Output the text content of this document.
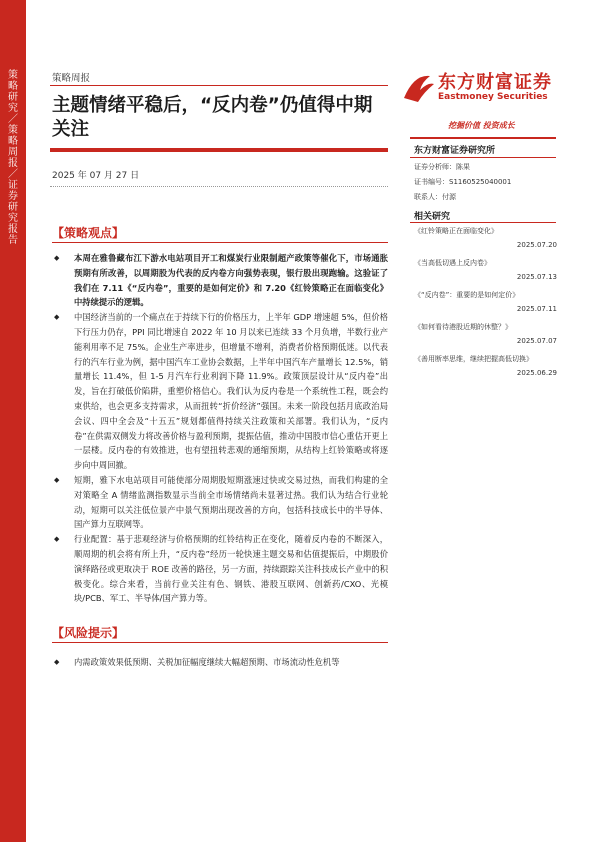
策略研究／策略周报／证券研究报告
策略周报
主题情绪平稳后，“反内卷”仍值得中期关注
2025 年 07 月 27 日
【策略观点】
◆ 本周在雅鲁藏布江下游水电站项目开工和煤炭行业限制超产政策等催化下，市场通胀预期有所改善，以周期股为代表的反内卷方向强势表现，银行股出现跑输。这验证了我们在 7.11《“反内卷”，重要的是如何定价》和 7.20《红铃策略正在面临变化》中持续提示的逻辑。
◆ 中国经济当前的一个痛点在于持续下行的价格压力，上半年 GDP 增速超 5%，但价格下行压力仍存，PPI 同比增速自 2022 年 10 月以来已连续 33 个月负增，半数行业产能利用率不足 75%。企业生产率进步，但增量不增利，消费者价格预期低迷。以代表行的汽车行业为例，据中国汽车工业协会数据，上半年中国汽车产量增长 12.5%，销量增长 11.4%，但 1-5 月汽车行业利润下降 11.9%。政策顶层设计从“反内卷”出发，旨在打破低价陷阱，重塑价格信心。我们认为反内卷是一个系统性工程，既会约束供给，也会更多支持需求，从而扭转“折价经济”强国。未来一阶段包括月底政治局会议、四中全会及“十五五”规划都值得持续关注政策和关部署。我们认为，“反内卷”在供需双侧发力将改善价格与盈利预期，提振估值，推动中国股市信心重估开更上一层楼。反内卷的有效推进，也有望扭转悲观的通缩预期，从结构上红铃策略或将逐步向中周回撤。
◆ 短期，雅下水电站项目可能使部分周期股短期涨速过快或交易过热，而我们构建的全对策略全 A 情绪监测指数显示当前全市场情绪尚未显著过热。我们认为结合行业轮动，短期可以关注低位景产中景气预期出现改善的方向，包括科技成长中的半导体、国产算力互联网等。
◆ 行业配置：基于悲观经济与价格预期的红铃结构正在变化，随着反内卷的不断深入，顺周期的机会将有所上升，“反内卷”经历一轮快速主题交易和估值提振后，中期股价演绎路径或更取决于 ROE 改善的路径，另一方面，持续跟踪关注科技成长产业中的积极变化。综合来看，当前行业关注有色、钢铁、港股互联网、创新药/CXO、光模块/PCB、军工、半导体/国产算力等。
【风险提示】
◆ 内需政策效果低预期、关税加征幅度继续大幅超预期、市场流动性危机等
东方财富证券
Eastmoney Securities
挖掘价值 投资成长
东方财富证券研究所
证券分析师：陈果
证书编号：S1160525040001
联系人：付源
相关研究
《红铃策略正在面临变化》
2025.07.20
《当高低切遇上反内卷》
2025.07.13
《“反内卷”：重要的是如何定价》
2025.07.11
《如何看待港股近期的休整？》
2025.07.07
《善用断率思维，继续把握高低切换》
2025.06.29
